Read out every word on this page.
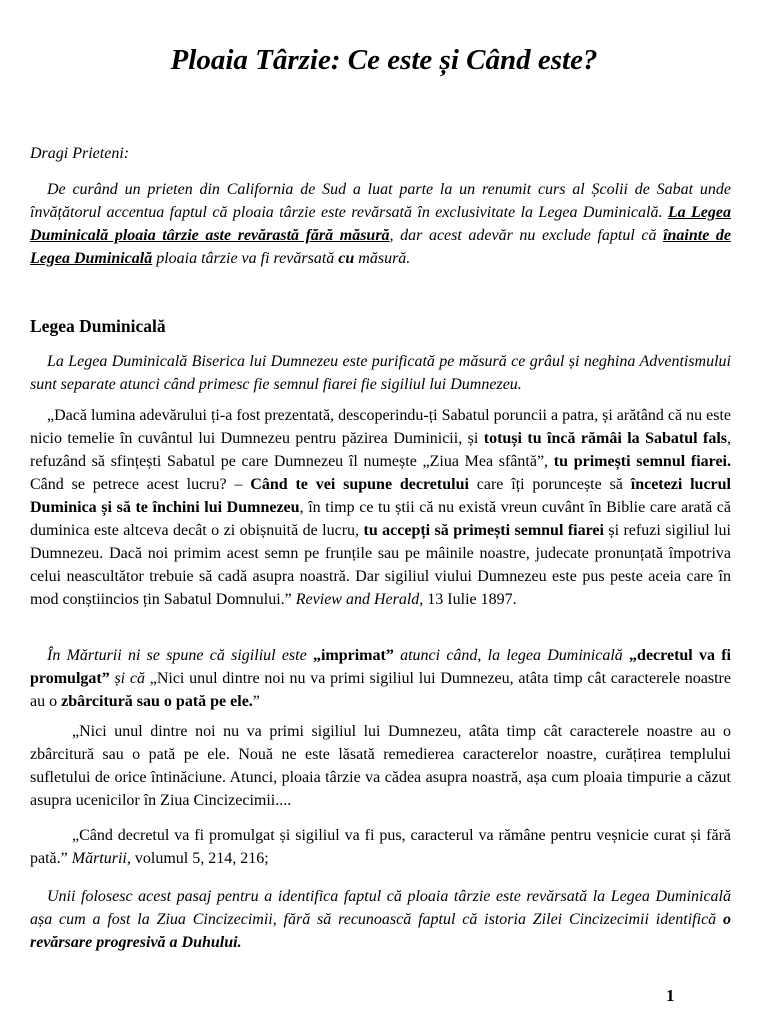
Ploaia Târzie: Ce este și Când este?
Dragi Prieteni:
De curând un prieten din California de Sud a luat parte la un renumit curs al Școlii de Sabat unde învățătorul accentua faptul că ploaia târzie este revărsată în exclusivitate la Legea Duminicală. La Legea Duminicală ploaia târzie aste revărastă fără măsură, dar acest adevăr nu exclude faptul că înainte de Legea Duminicală ploaia târzie va fi revărsată cu măsură.
Legea Duminicală
La Legea Duminicală Biserica lui Dumnezeu este purificată pe măsură ce grâul și neghina Adventismului sunt separate atunci când primesc fie semnul fiarei fie sigiliul lui Dumnezeu.
„Dacă lumina adevărului ți-a fost prezentată, descoperindu-ți Sabatul poruncii a patra, și arătând că nu este nicio temelie în cuvântul lui Dumnezeu pentru păzirea Duminicii, și totuși tu încă rămâi la Sabatul fals, refuzând să sfințești Sabatul pe care Dumnezeu îl numește „Ziua Mea sfântă”, tu primești semnul fiarei. Când se petrece acest lucru? – Când te vei supune decretului care îți poruncește să încetezi lucrul Duminica și să te închini lui Dumnezeu, în timp ce tu știi că nu există vreun cuvânt în Biblie care arată că duminica este altceva decât o zi obișnuită de lucru, tu accepți să primești semnul fiarei și refuzi sigiliul lui Dumnezeu. Dacă noi primim acest semn pe frunțile sau pe mâinile noastre, judecate pronunțată împotriva celui neascultător trebuie să cadă asupra noastră. Dar sigiliul viului Dumnezeu este pus peste aceia care în mod conștiincios țin Sabatul Domnului.” Review and Herald, 13 Iulie 1897.
În Mărturii ni se spune că sigiliul este „imprimat” atunci când, la legea Duminicală „decretul va fi promulgat” și că „Nici unul dintre noi nu va primi sigiliul lui Dumnezeu, atâta timp cât caracterele noastre au o zbârcitură sau o pată pe ele.”
„Nici unul dintre noi nu va primi sigiliul lui Dumnezeu, atâta timp cât caracterele noastre au o zbârcitură sau o pată pe ele. Nouă ne este lăsată remedierea caracterelor noastre, curățirea templului sufletului de orice întinăciune. Atunci, ploaia târzie va cădea asupra noastră, așa cum ploaia timpurie a căzut asupra ucenicilor în Ziua Cincizecimii....
„Când decretul va fi promulgat și sigiliul va fi pus, caracterul va rămâne pentru veșnicie curat și fără pată.” Mărturii, volumul 5, 214, 216;
Unii folosesc acest pasaj pentru a identifica faptul că ploaia târzie este revărsată la Legea Duminicală așa cum a fost la Ziua Cincizecimii, fără să recunoască faptul că istoria Zilei Cincizecimii identifică o revărsare progresivă a Duhului.
1
